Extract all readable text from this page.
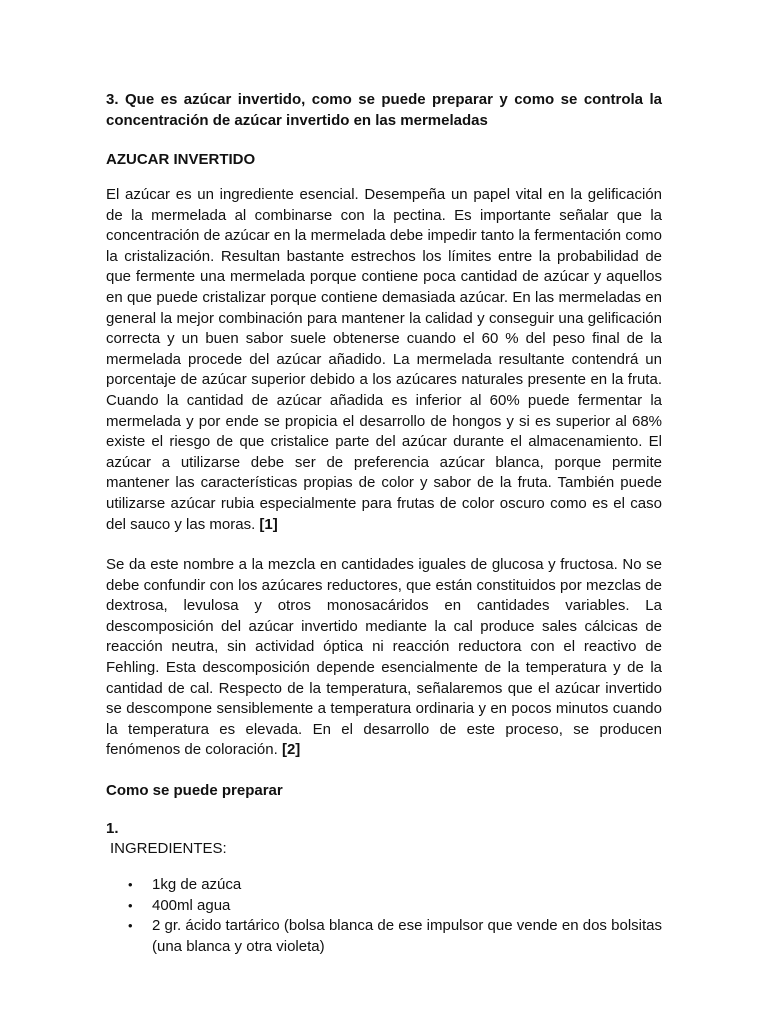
3. Que es azúcar invertido, como se puede preparar y como se controla la concentración de azúcar invertido en las mermeladas

AZUCAR INVERTIDO

El azúcar es un ingrediente esencial. Desempeña un papel vital en la gelificación de la mermelada al combinarse con la pectina. Es importante señalar que la concentración de azúcar en la mermelada debe impedir tanto la fermentación como la cristalización. Resultan bastante estrechos los límites entre la probabilidad de que fermente una mermelada porque contiene poca cantidad de azúcar y aquellos en que puede cristalizar porque contiene demasiada azúcar. En las mermeladas en general la mejor combinación para mantener la calidad y conseguir una gelificación correcta y un buen sabor suele obtenerse cuando el 60 % del peso final de la mermelada procede del azúcar añadido. La mermelada resultante contendrá un porcentaje de azúcar superior debido a los azúcares naturales presente en la fruta. Cuando la cantidad de azúcar añadida es inferior al 60% puede fermentar la mermelada y por ende se propicia el desarrollo de hongos y si es superior al 68% existe el riesgo de que cristalice parte del azúcar durante el almacenamiento. El azúcar a utilizarse debe ser de preferencia azúcar blanca, porque permite mantener las características propias de color y sabor de la fruta. También puede utilizarse azúcar rubia especialmente para frutas de color oscuro como es el caso del sauco y las moras. [1]

Se da este nombre a la mezcla en cantidades iguales de glucosa y fructosa. No se debe confundir con los azúcares reductores, que están constituidos por mezclas de dextrosa, levulosa y otros monosacáridos en cantidades variables. La descomposición del azúcar invertido mediante la cal produce sales cálcicas de reacción neutra, sin actividad óptica ni reacción reductora con el reactivo de Fehling. Esta descomposición depende esencialmente de la temperatura y de la cantidad de cal. Respecto de la temperatura, señalaremos que el azúcar invertido se descompone sensiblemente a temperatura ordinaria y en pocos minutos cuando la temperatura es elevada. En el desarrollo de este proceso, se producen fenómenos de coloración. [2]

Como se puede preparar

1.

INGREDIENTES:

• 1kg de azúca
• 400ml agua
• 2 gr. ácido tartárico (bolsa blanca de ese impulsor que vende en dos bolsitas (una blanca y otra violeta)
